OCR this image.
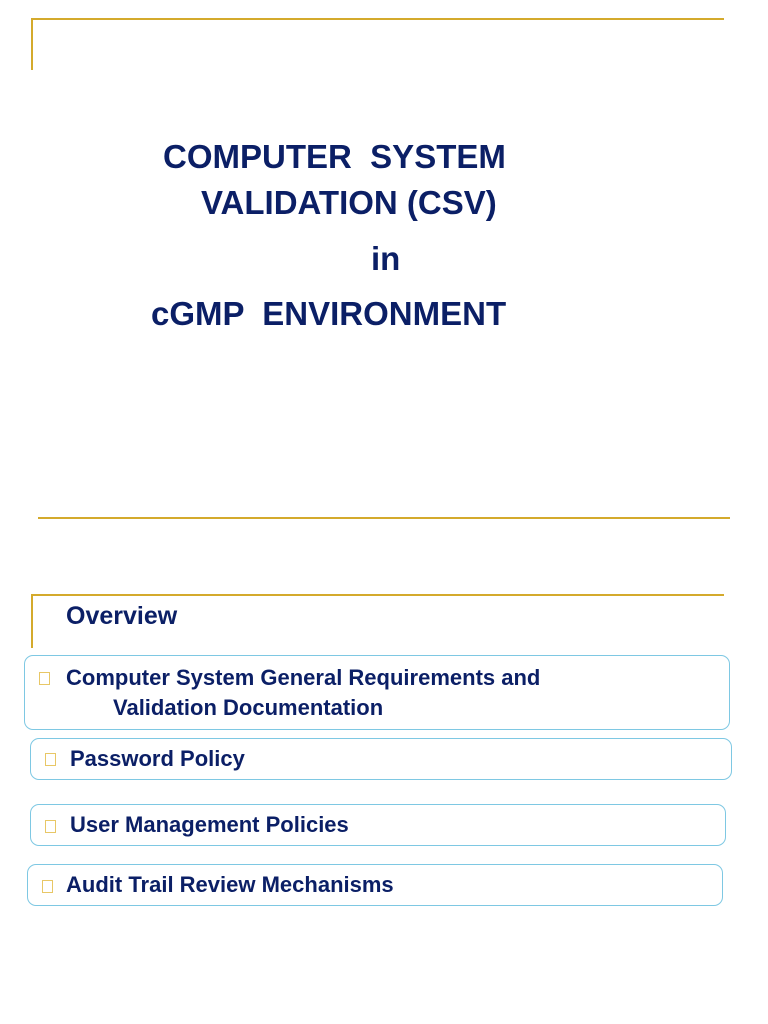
COMPUTER  SYSTEM
VALIDATION (CSV)
in
cGMP  ENVIRONMENT
Overview
Computer System General Requirements and
Validation Documentation
Password Policy
User Management Policies
Audit Trail Review Mechanisms
